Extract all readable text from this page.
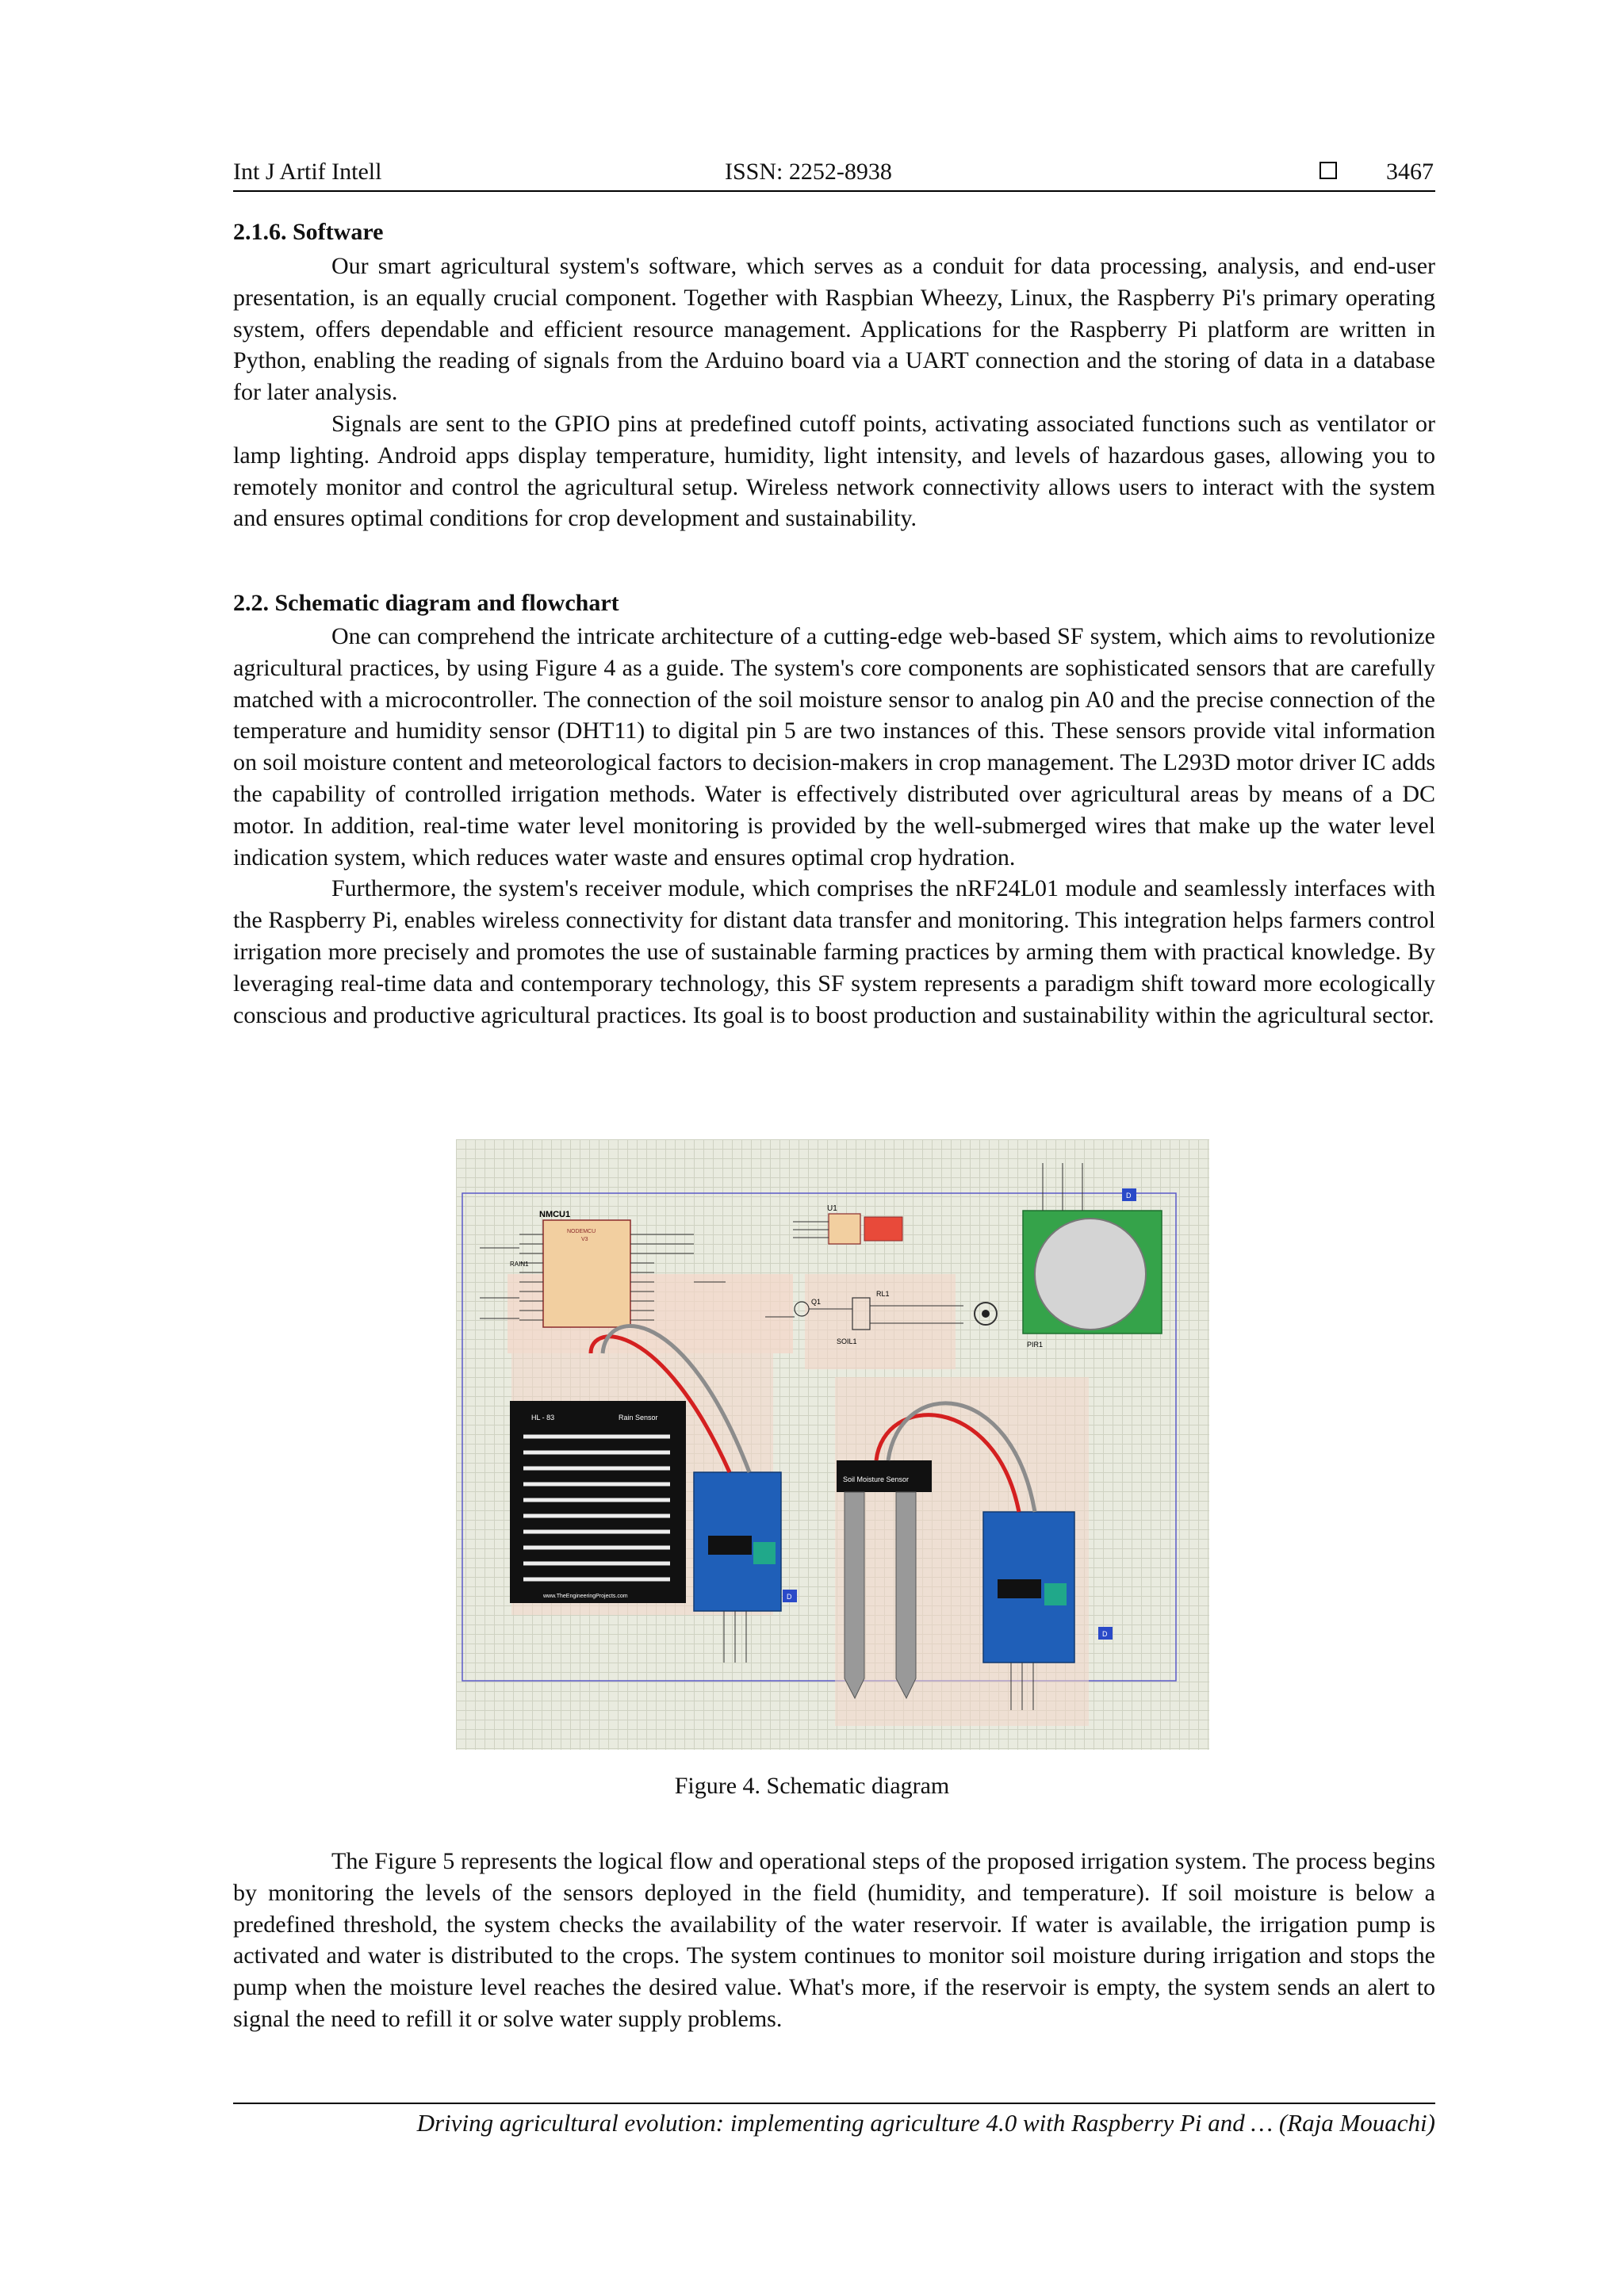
Int J Artif Intell	ISSN: 2252-8938	3467
2.1.6. Software

Our smart agricultural system's software, which serves as a conduit for data processing, analysis, and end-user presentation, is an equally crucial component. Together with Raspbian Wheezy, Linux, the Raspberry Pi's primary operating system, offers dependable and efficient resource management. Applications for the Raspberry Pi platform are written in Python, enabling the reading of signals from the Arduino board via a UART connection and the storing of data in a database for later analysis.

Signals are sent to the GPIO pins at predefined cutoff points, activating associated functions such as ventilator or lamp lighting. Android apps display temperature, humidity, light intensity, and levels of hazardous gases, allowing you to remotely monitor and control the agricultural setup. Wireless network connectivity allows users to interact with the system and ensures optimal conditions for crop development and sustainability.

2.2. Schematic diagram and flowchart

One can comprehend the intricate architecture of a cutting-edge web-based SF system, which aims to revolutionize agricultural practices, by using Figure 4 as a guide. The system's core components are sophisticated sensors that are carefully matched with a microcontroller. The connection of the soil moisture sensor to analog pin A0 and the precise connection of the temperature and humidity sensor (DHT11) to digital pin 5 are two instances of this. These sensors provide vital information on soil moisture content and meteorological factors to decision-makers in crop management. The L293D motor driver IC adds the capability of controlled irrigation methods. Water is effectively distributed over agricultural areas by means of a DC motor. In addition, real-time water level monitoring is provided by the well-submerged wires that make up the water level indication system, which reduces water waste and ensures optimal crop hydration.

Furthermore, the system's receiver module, which comprises the nRF24L01 module and seamlessly interfaces with the Raspberry Pi, enables wireless connectivity for distant data transfer and monitoring. This integration helps farmers control irrigation more precisely and promotes the use of sustainable farming practices by arming them with practical knowledge. By leveraging real-time data and contemporary technology, this SF system represents a paradigm shift toward more ecologically conscious and productive agricultural practices. Its goal is to boost production and sustainability within the agricultural sector.

NMCU1
NODEMCU
V3
RAIN1
U1
Q1
RL1
SOIL1	PIR1
D
HL - 83	Rain Sensor
www.TheEngineeringProjects.com	D
Soil Moisture Sensor
D
Figure 4. Schematic diagram

The Figure 5 represents the logical flow and operational steps of the proposed irrigation system. The process begins by monitoring the levels of the sensors deployed in the field (humidity, and temperature). If soil moisture is below a predefined threshold, the system checks the availability of the water reservoir. If water is available, the irrigation pump is activated and water is distributed to the crops. The system continues to monitor soil moisture during irrigation and stops the pump when the moisture level reaches the desired value. What's more, if the reservoir is empty, the system sends an alert to signal the need to refill it or solve water supply problems.

Driving agricultural evolution: implementing agriculture 4.0 with Raspberry Pi and … (Raja Mouachi)
